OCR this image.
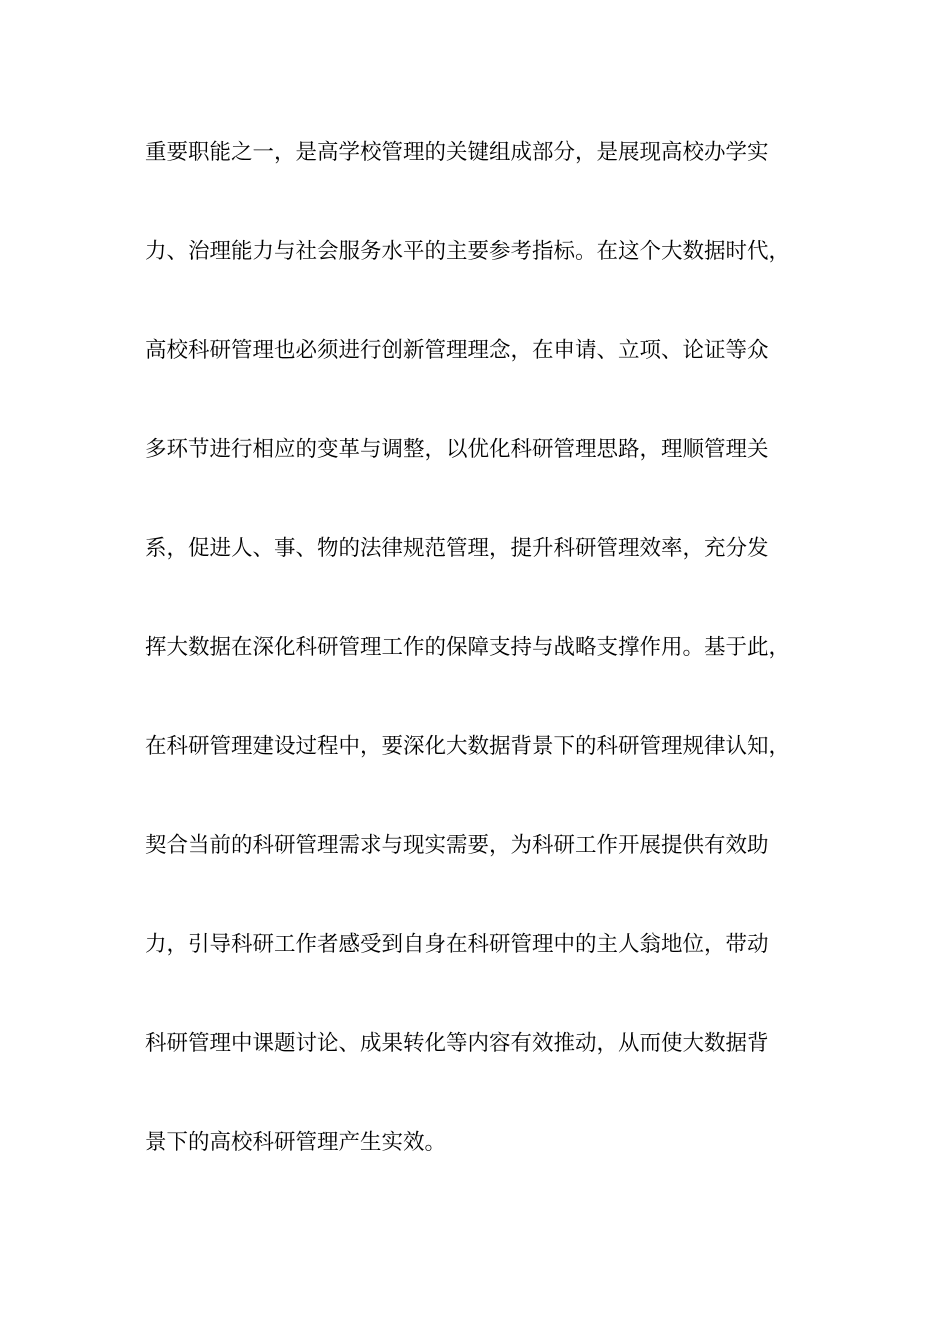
重要职能之一，是高学校管理的关键组成部分，是展现高校办学实
力、治理能力与社会服务水平的主要参考指标。在这个大数据时代，
高校科研管理也必须进行创新管理理念，在申请、立项、论证等众
多环节进行相应的变革与调整，以优化科研管理思路，理顺管理关
系，促进人、事、物的法律规范管理，提升科研管理效率，充分发
挥大数据在深化科研管理工作的保障支持与战略支撑作用。基于此，
在科研管理建设过程中，要深化大数据背景下的科研管理规律认知，
契合当前的科研管理需求与现实需要，为科研工作开展提供有效助
力，引导科研工作者感受到自身在科研管理中的主人翁地位，带动
科研管理中课题讨论、成果转化等内容有效推动，从而使大数据背
景下的高校科研管理产生实效。
